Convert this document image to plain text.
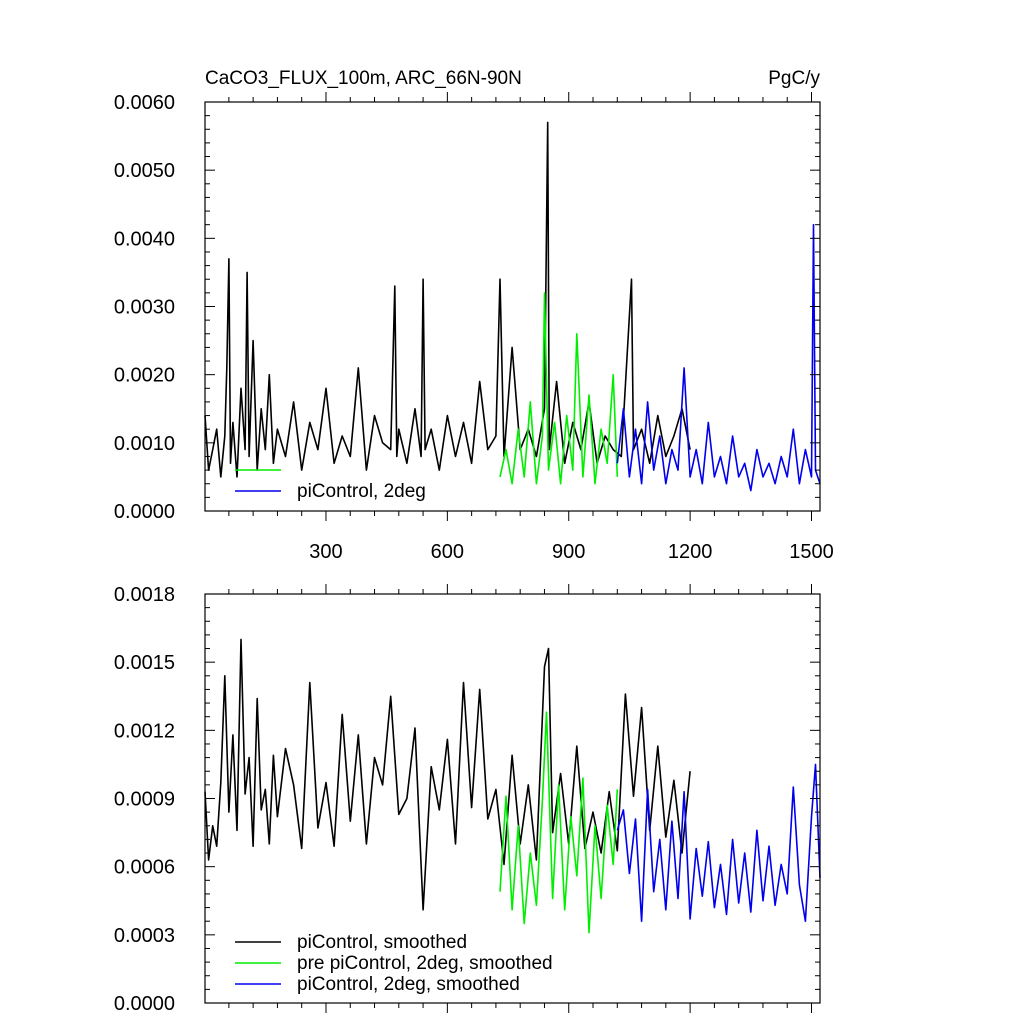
CaCO3_FLUX_100m, ARC_66N-90N	PgC/y
0.0000
0.0010
0.0020
0.0030
0.0040
0.0050
0.0060
300	600	900	1200	1500
piControl, 2deg
0.0000
0.0003
0.0006
0.0009
0.0012
0.0015
0.0018
piControl, smoothed
pre piControl, 2deg, smoothed
piControl, 2deg, smoothed
